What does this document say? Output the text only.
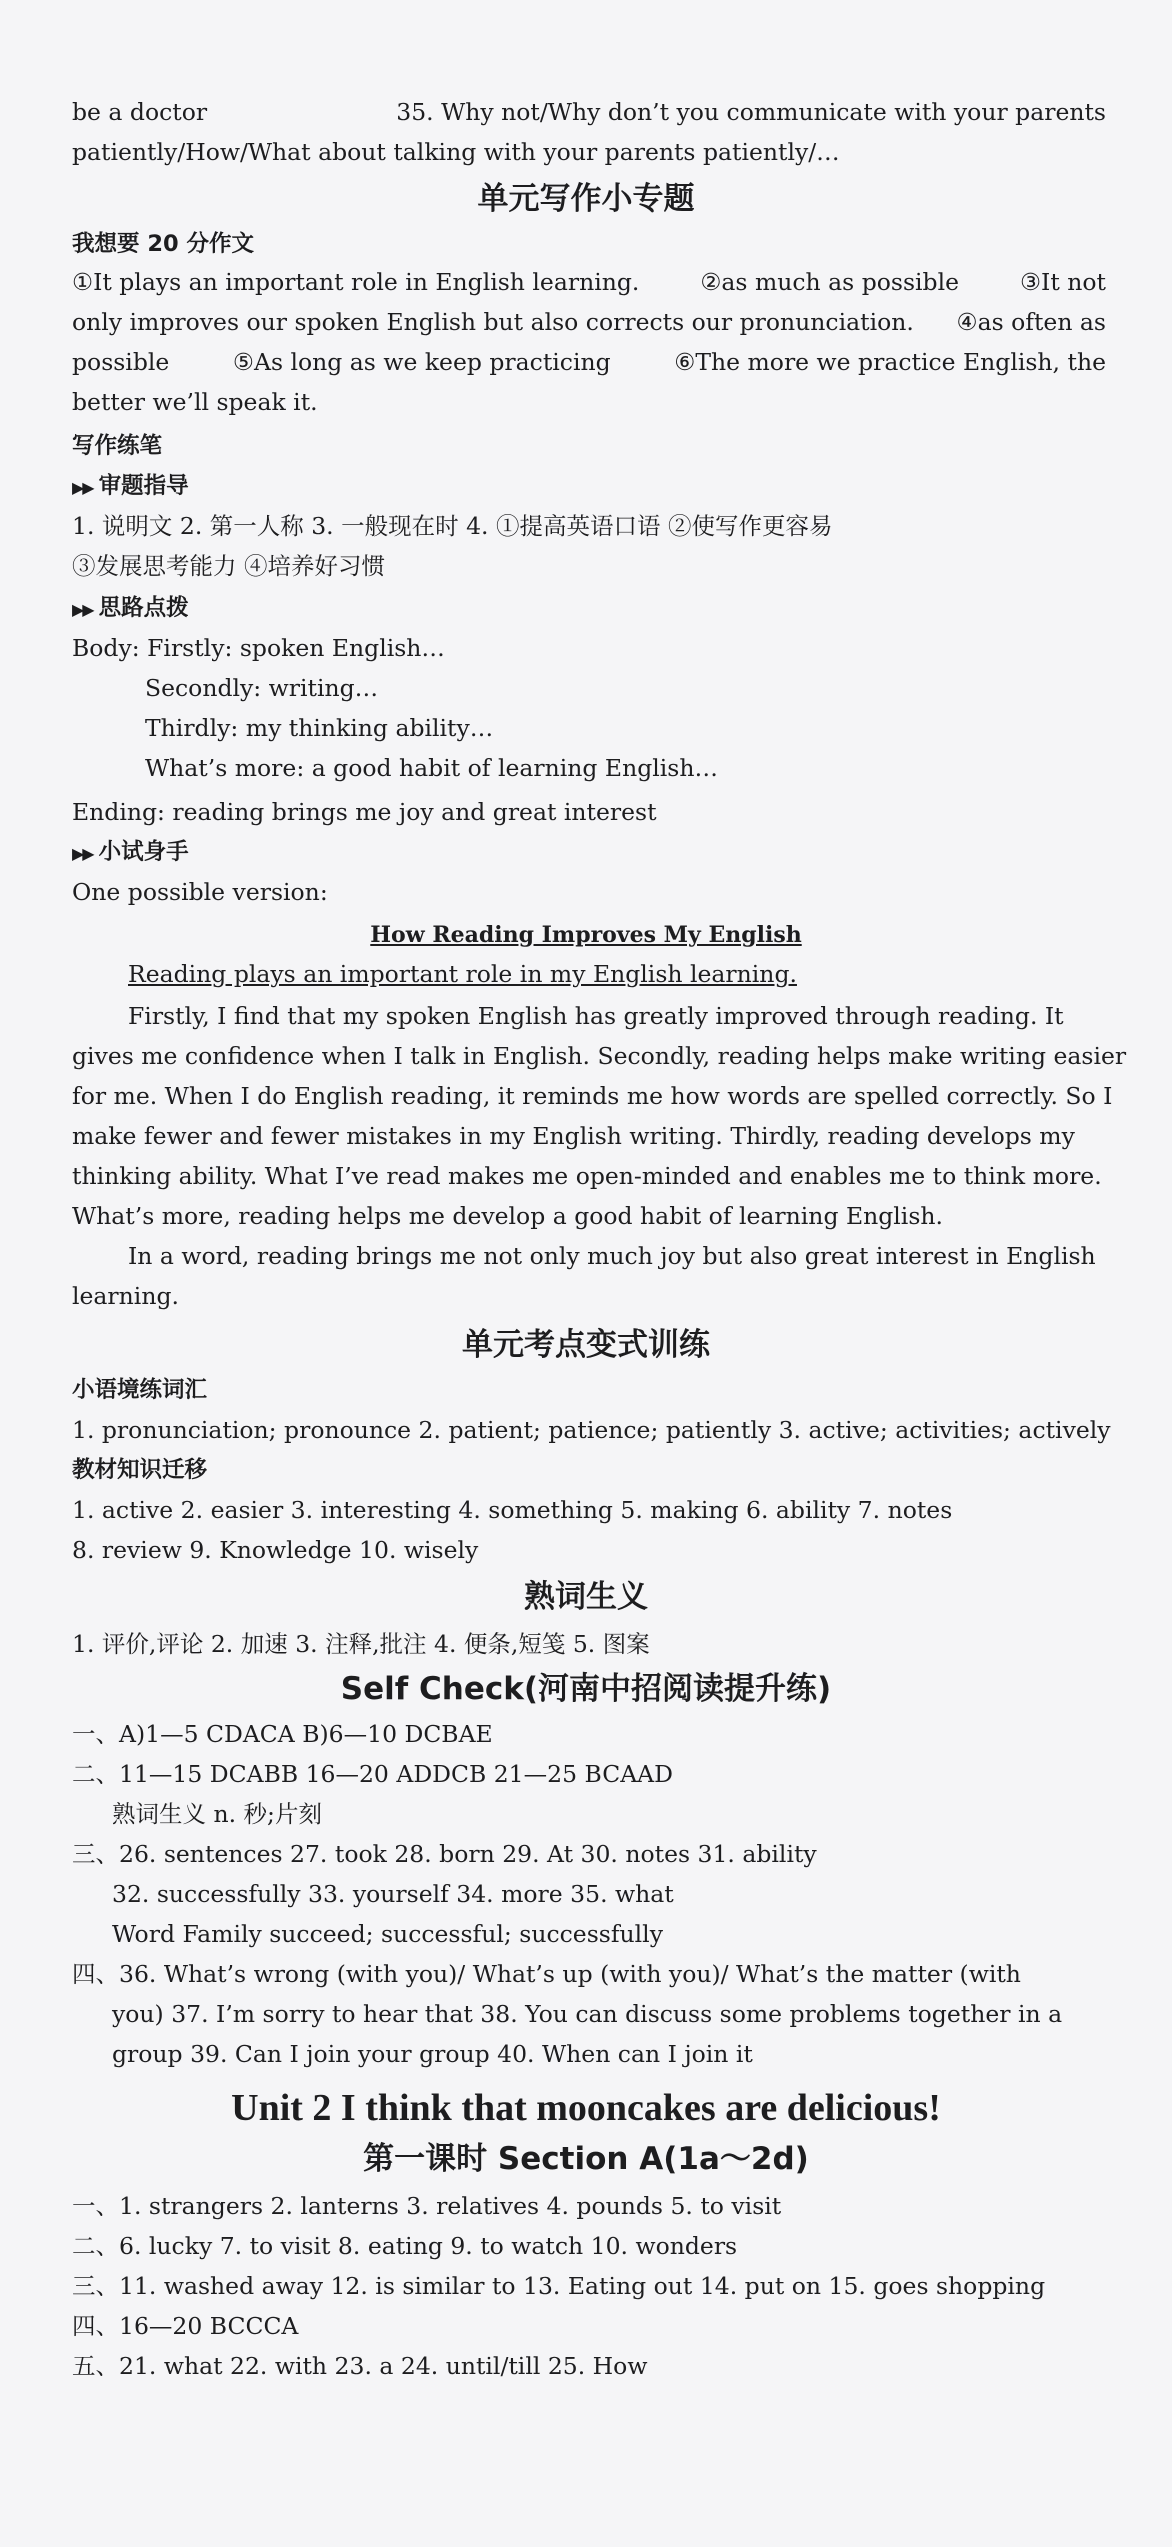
be a doctor	35. Why not/Why don’t you communicate with your parents
patiently/How/What about talking with your parents patiently/…
单元写作小专题
我想要 20 分作文
①It plays an important role in English learning.	②as much as possible	③It not
only improves our spoken English but also corrects our pronunciation. ④as often as
possible	⑤As long as we keep practicing	⑥The more we practice English, the
better we’ll speak it.
写作练笔
▶▶ 审题指导
1. 说明文 2. 第一人称 3. 一般现在时 4. ①提高英语口语 ②使写作更容易
③发展思考能力 ④培养好习惯
▶▶ 思路点拨
Body: Firstly: spoken English…
Secondly: writing…
Thirdly: my thinking ability…
What’s more: a good habit of learning English…
Ending: reading brings me joy and great interest
▶▶ 小试身手
One possible version:
How Reading Improves My English
Reading plays an important role in my English learning.
Firstly, I find that my spoken English has greatly improved through reading. It
gives me confidence when I talk in English. Secondly, reading helps make writing easier
for me. When I do English reading, it reminds me how words are spelled correctly. So I
make fewer and fewer mistakes in my English writing. Thirdly, reading develops my
thinking ability. What I’ve read makes me open-minded and enables me to think more.
What’s more, reading helps me develop a good habit of learning English.
In a word, reading brings me not only much joy but also great interest in English
learning.
单元考点变式训练
小语境练词汇
1. pronunciation; pronounce 2. patient; patience; patiently 3. active; activities; actively
教材知识迁移
1. active 2. easier 3. interesting 4. something 5. making 6. ability 7. notes
8. review 9. Knowledge 10. wisely
熟词生义
1. 评价,评论 2. 加速 3. 注释,批注 4. 便条,短笺 5. 图案
Self Check(河南中招阅读提升练)
一、A)1—5 CDACA B)6—10 DCBAE
二、11—15 DCABB 16—20 ADDCB 21—25 BCAAD
熟词生义 n. 秒;片刻
三、26. sentences 27. took 28. born 29. At 30. notes 31. ability
32. successfully 33. yourself 34. more 35. what
Word Family succeed; successful; successfully
四、36. What’s wrong (with you)/ What’s up (with you)/ What’s the matter (with
you) 37. I’m sorry to hear that 38. You can discuss some problems together in a
group 39. Can I join your group 40. When can I join it
Unit 2 I think that mooncakes are delicious!
第一课时 Section A(1a～2d)
一、1. strangers 2. lanterns 3. relatives 4. pounds 5. to visit
二、6. lucky 7. to visit 8. eating 9. to watch 10. wonders
三、11. washed away 12. is similar to 13. Eating out 14. put on 15. goes shopping
四、16—20 BCCCA
五、21. what 22. with 23. a 24. until/till 25. How
